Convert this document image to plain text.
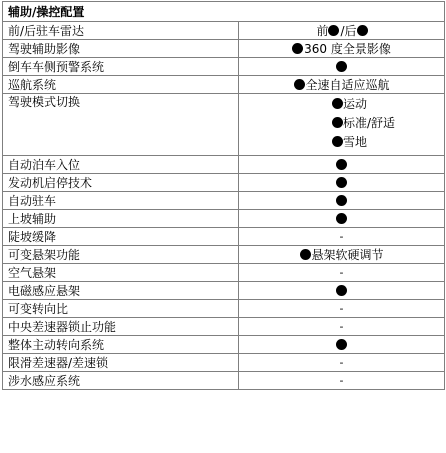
辅助/操控配置	
前/后驻车雷达	前 /后
驾驶辅助影像	360 度全景影像
倒车车侧预警系统	
巡航系统	全速自适应巡航
驾驶模式切换	运动
标准/舒适
雪地

自动泊车入位	
发动机启停技术	
自动驻车	
上坡辅助	
陡坡缓降	-
可变悬架功能	悬架软硬调节
空气悬架	-
电磁感应悬架	
可变转向比	-
中央差速器锁止功能	-
整体主动转向系统	
限滑差速器/差速锁	-
涉水感应系统	-
